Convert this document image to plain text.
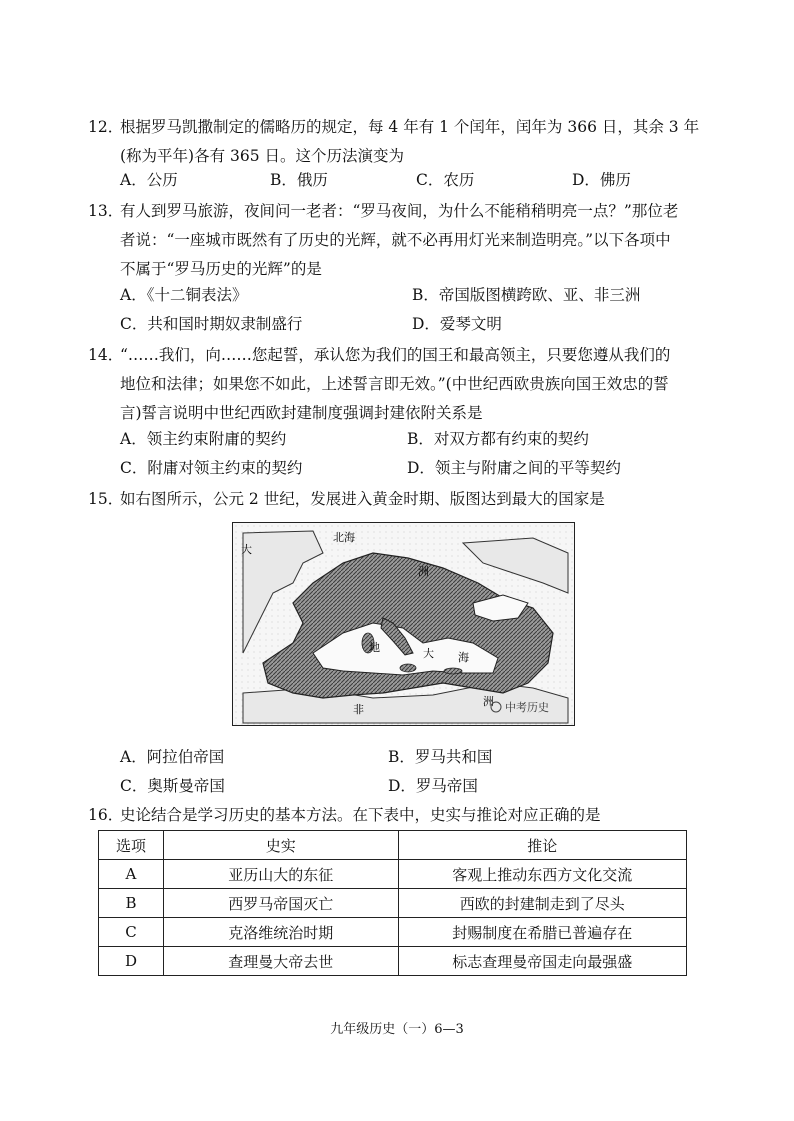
12．
根据罗马凯撒制定的儒略历的规定，每 4 年有 1 个闰年，闰年为 366 日，其余 3 年
(称为平年)各有 365 日。这个历法演变为
A．公历	B．俄历	C．农历	D．佛历
13．
有人到罗马旅游，夜间问一老者：“罗马夜间，为什么不能稍稍明亮一点？”那位老
者说：“一座城市既然有了历史的光辉，就不必再用灯光来制造明亮。”以下各项中
不属于“罗马历史的光辉”的是
A．《十二铜表法》	B．帝国版图横跨欧、亚、非三洲
C．共和国时期奴隶制盛行	D．爱琴文明
14．
“……我们，向……您起誓，承认您为我们的国王和最高领主，只要您遵从我们的
地位和法律；如果您不如此，上述誓言即无效。”(中世纪西欧贵族向国王效忠的誓
言)誓言说明中世纪西欧封建制度强调封建依附关系是
A．领主约束附庸的契约	B．对双方都有约束的契约
C．附庸对领主约束的契约	D．领主与附庸之间的平等契约
15．
如右图所示，公元 2 世纪，发展进入黄金时期、版图达到最大的国家是
大
北海
洲
地	大 海
非
洲 中考历史
A．阿拉伯帝国	B．罗马共和国
C．奥斯曼帝国	D．罗马帝国
16．
史论结合是学习历史的基本方法。在下表中，史实与推论对应正确的是
选项	史实	推论
A	亚历山大的东征	客观上推动东西方文化交流
B	西罗马帝国灭亡	西欧的封建制走到了尽头
C	克洛维统治时期	封赐制度在希腊已普遍存在
D	查理曼大帝去世	标志查理曼帝国走向最强盛
九年级历史（一）6—3
